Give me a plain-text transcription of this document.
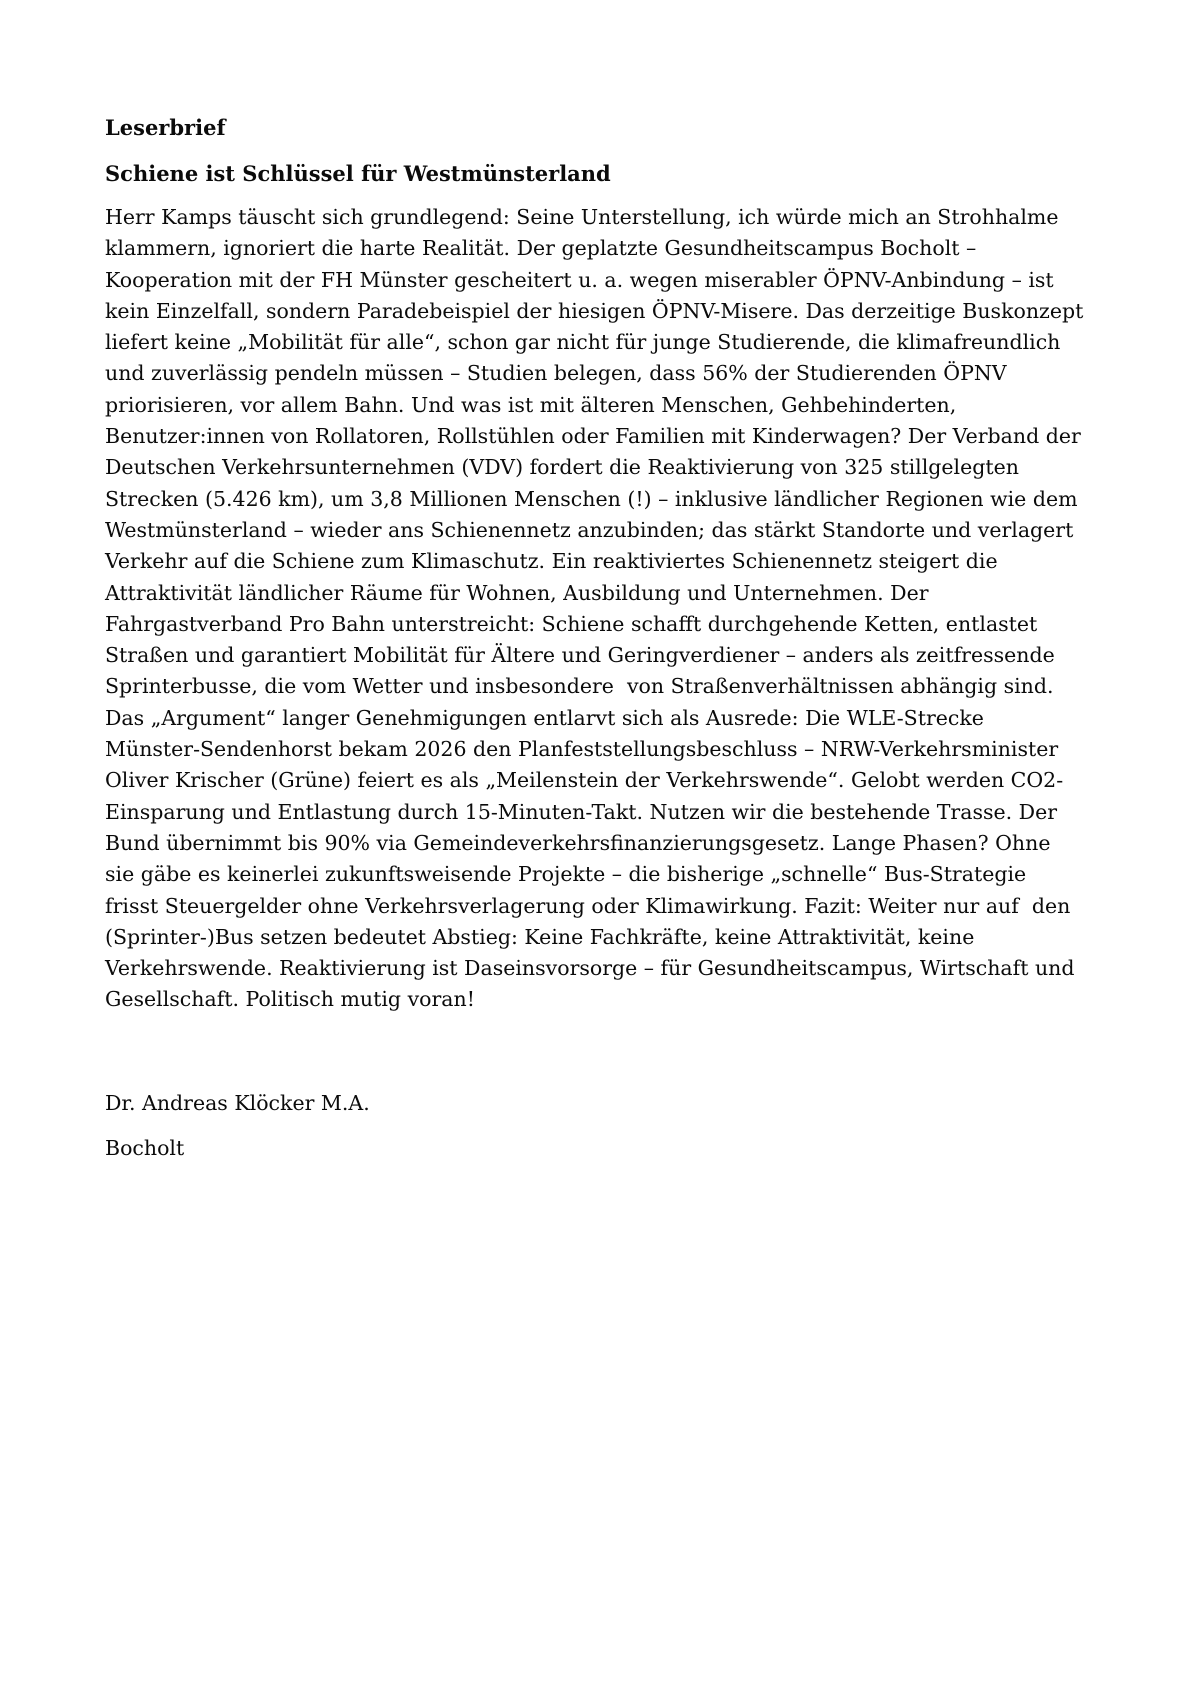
Leserbrief
Schiene ist Schlüssel für Westmünsterland

Herr Kamps täuscht sich grundlegend: Seine Unterstellung, ich würde mich an Strohhalme klammern, ignoriert die harte Realität. Der geplatzte Gesundheitscampus Bocholt – Kooperation mit der FH Münster gescheitert u. a. wegen miserabler ÖPNV-Anbindung – ist kein Einzelfall, sondern Paradebeispiel der hiesigen ÖPNV-Misere. Das derzeitige Buskonzept liefert keine „Mobilität für alle“, schon gar nicht für junge Studierende, die klimafreundlich und zuverlässig pendeln müssen – Studien belegen, dass 56% der Studierenden ÖPNV priorisieren, vor allem Bahn. Und was ist mit älteren Menschen, Gehbehinderten, Benutzer:innen von Rollatoren, Rollstühlen oder Familien mit Kinderwagen? Der Verband der Deutschen Verkehrsunternehmen (VDV) fordert die Reaktivierung von 325 stillgelegten Strecken (5.426 km), um 3,8 Millionen Menschen (!) – inklusive ländlicher Regionen wie dem Westmünsterland – wieder ans Schienennetz anzubinden; das stärkt Standorte und verlagert Verkehr auf die Schiene zum Klimaschutz. Ein reaktiviertes Schienennetz steigert die Attraktivität ländlicher Räume für Wohnen, Ausbildung und Unternehmen. Der Fahrgastverband Pro Bahn unterstreicht: Schiene schafft durchgehende Ketten, entlastet Straßen und garantiert Mobilität für Ältere und Geringverdiener – anders als zeitfressende Sprinterbusse, die vom Wetter und insbesondere  von Straßenverhältnissen abhängig sind. Das „Argument“ langer Genehmigungen entlarvt sich als Ausrede: Die WLE-Strecke Münster-Sendenhorst bekam 2026 den Planfeststellungsbeschluss – NRW-Verkehrsminister Oliver Krischer (Grüne) feiert es als „Meilenstein der Verkehrswende“. Gelobt werden CO2-Einsparung und Entlastung durch 15-Minuten-Takt. Nutzen wir die bestehende Trasse. Der Bund übernimmt bis 90% via Gemeindeverkehrsfinanzierungsgesetz. Lange Phasen? Ohne sie gäbe es keinerlei zukunftsweisende Projekte – die bisherige „schnelle“ Bus-Strategie frisst Steuergelder ohne Verkehrsverlagerung oder Klimawirkung. Fazit: Weiter nur auf  den (Sprinter-)Bus setzen bedeutet Abstieg: Keine Fachkräfte, keine Attraktivität, keine Verkehrswende. Reaktivierung ist Daseinsvorsorge – für Gesundheitscampus, Wirtschaft und Gesellschaft. Politisch mutig voran!

Dr. Andreas Klöcker M.A.

Bocholt
